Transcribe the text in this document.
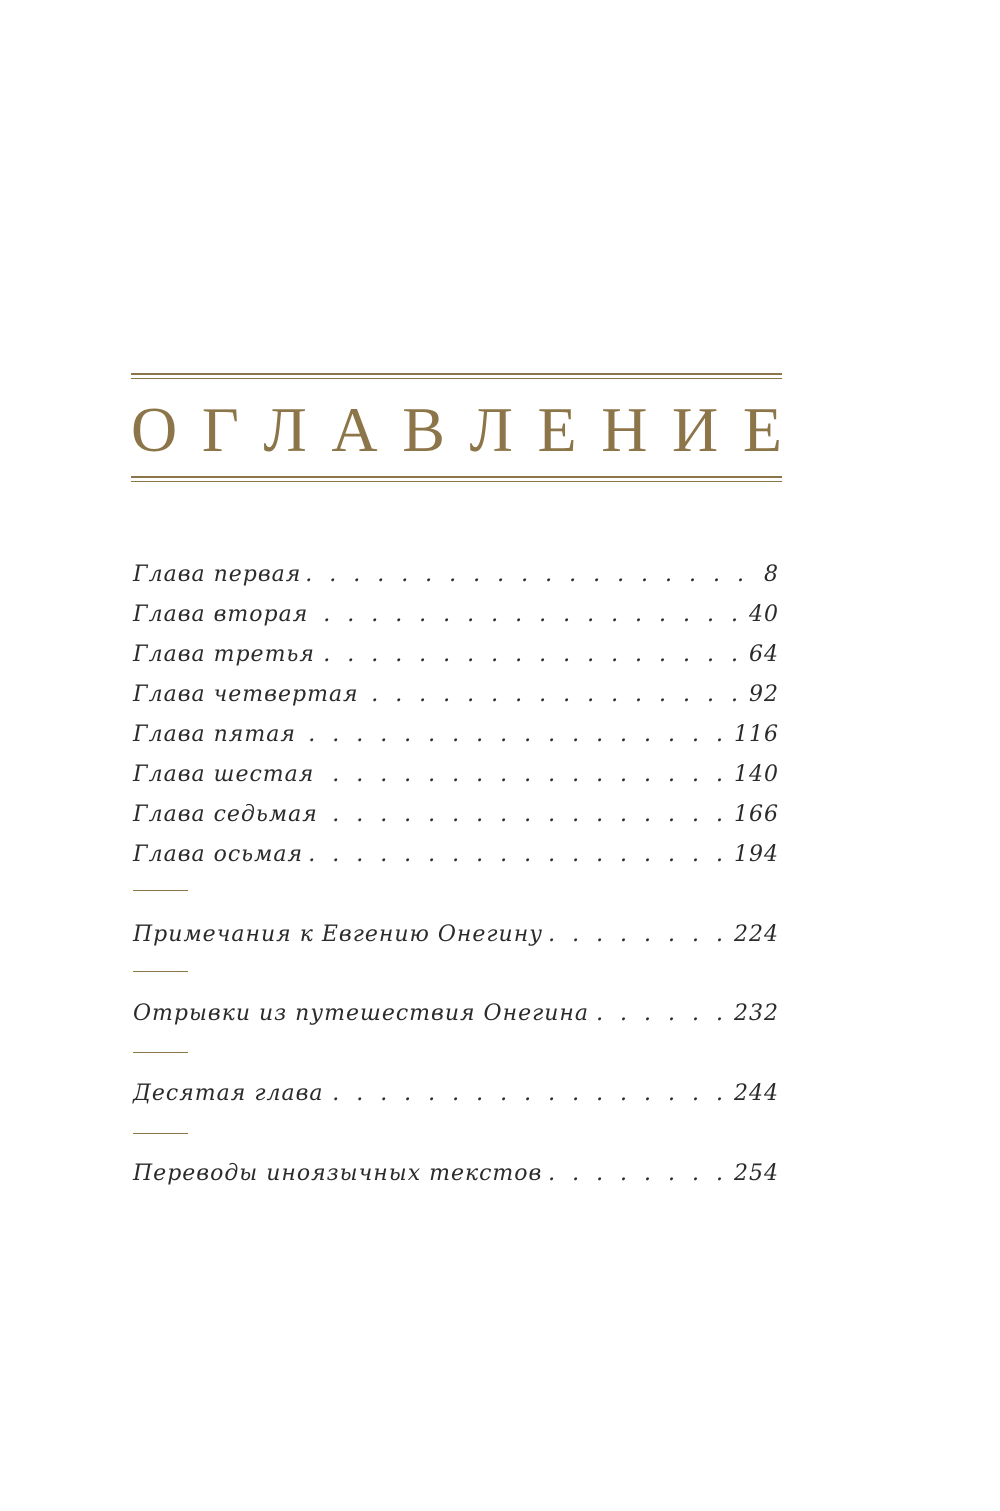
О Г Л А В Л Е Н И Е
Глава первая . . .	8
Глава вторая . . .	40
Глава третья . . .	64
Глава четвертая . . .	92
Глава пятая . . .	116
Глава шестая . . .	140
Глава седьмая . . .	166
Глава осьмая . . .	194
Примечания к Евгению Онегину . . .	224
Отрывки из путешествия Онегина . . .	232
Десятая глава . . .	244
Переводы иноязычных текстов . . .	254
